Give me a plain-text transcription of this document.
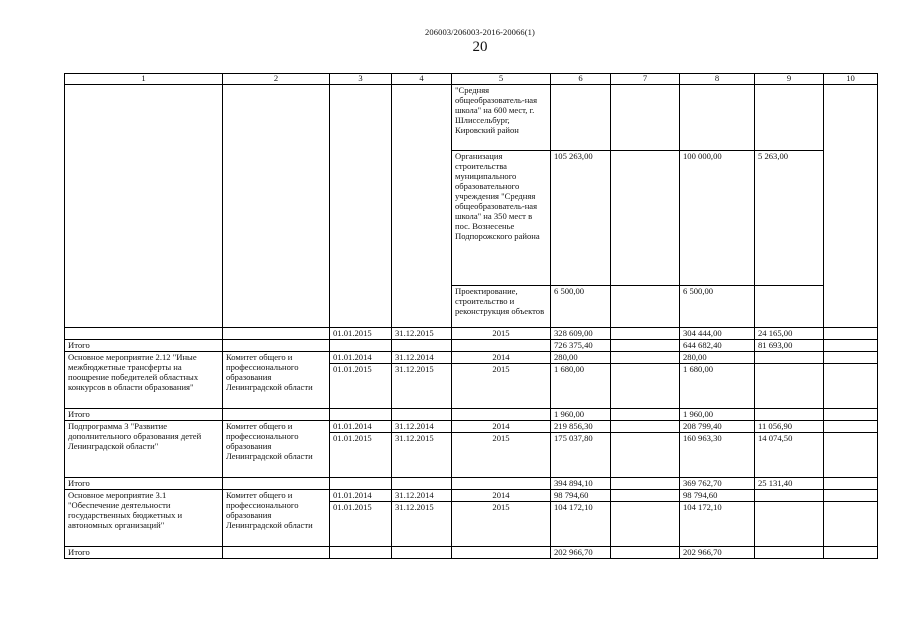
206003/206003-2016-20066(1)
20
1	2	3	4	5	6	7	8	9	10
				"Средняя общеобразователь-ная школа" на 600 мест, г. Шлиссельбург, Кировский район					
				Организация строительства муниципального образовательного учреждения "Средняя общеобразователь-ная школа" на 350 мест в пос. Вознесенье Подпорожского района	105 263,00		100 000,00	5 263,00	
				Проектирование, строительство и реконструкция объектов	6 500,00		6 500,00		
		01.01.2015	31.12.2015	2015	328 609,00		304 444,00	24 165,00	
Итого					726 375,40		644 682,40	81 693,00	
Основное мероприятие 2.12 "Иные межбюджетные трансферты на поощрение победителей областных конкурсов в области образования"	Комитет общего и профессионального образования Ленинградской области	01.01.2014	31.12.2014	2014	280,00		280,00		
		01.01.2015	31.12.2015	2015	1 680,00		1 680,00		
Итого					1 960,00		1 960,00		
Подпрограмма 3 "Развитие дополнительного образования детей Ленинградской области"	Комитет общего и профессионального образования Ленинградской области	01.01.2014	31.12.2014	2014	219 856,30		208 799,40	11 056,90	
		01.01.2015	31.12.2015	2015	175 037,80		160 963,30	14 074,50	
Итого					394 894,10		369 762,70	25 131,40	
Основное мероприятие 3.1 "Обеспечение деятельности государственных бюджетных и автономных организаций"	Комитет общего и профессионального образования Ленинградской области	01.01.2014	31.12.2014	2014	98 794,60		98 794,60		
		01.01.2015	31.12.2015	2015	104 172,10		104 172,10		
Итого					202 966,70		202 966,70		
